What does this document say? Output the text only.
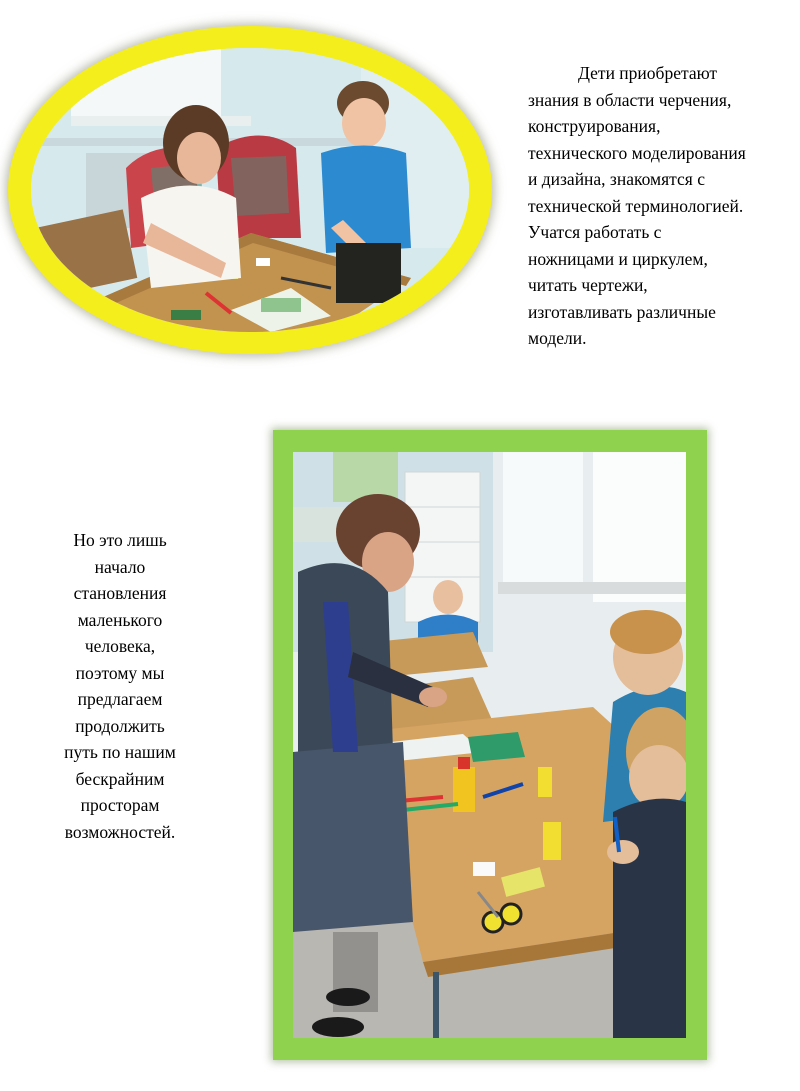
Дети приобретают

знания в области черчения,

конструирования,

технического моделирования

и дизайна, знакомятся с

технической терминологией.

Учатся работать с

ножницами и циркулем,

читать чертежи,

изготавливать различные

модели.

Но это лишь
начало
становления
маленького
человека,
поэтому мы
предлагаем
продолжить
путь по нашим
бескрайним
просторам
возможностей.
